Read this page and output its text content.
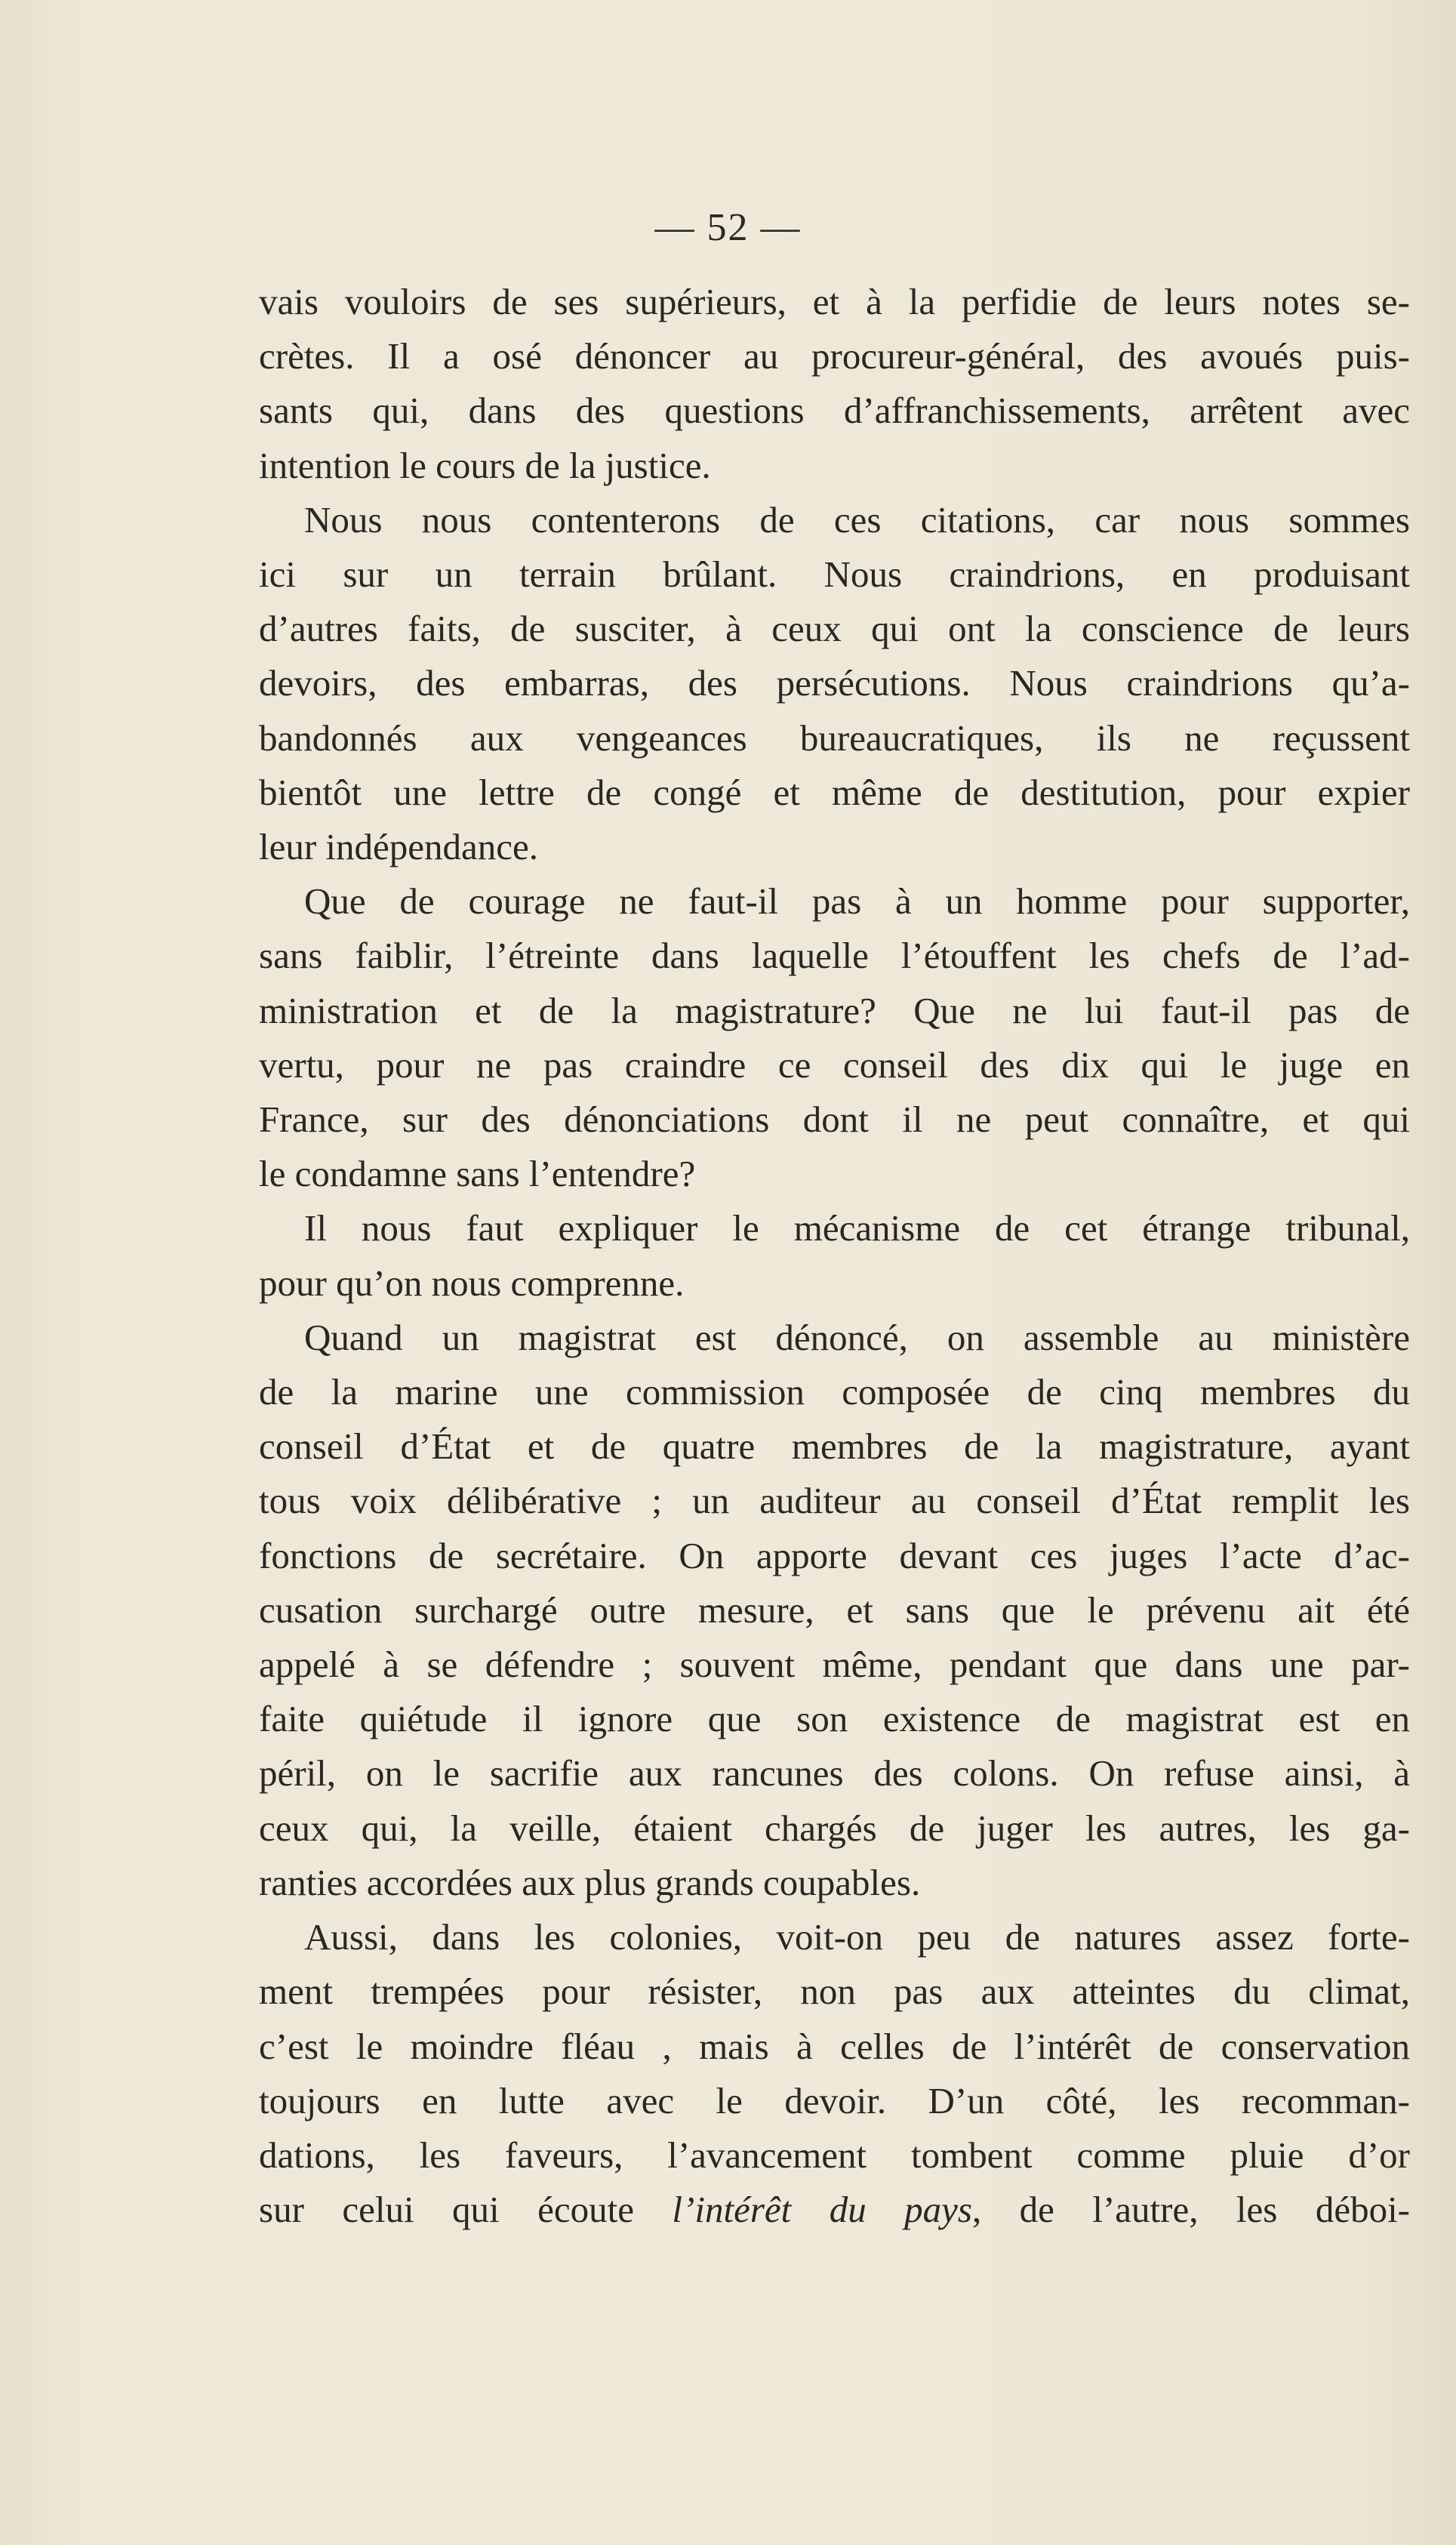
— 52 —

vais vouloirs de ses supérieurs, et à la perfidie de leurs notes se-
crètes. Il a osé dénoncer au procureur-général, des avoués puis-
sants qui, dans des questions d’affranchissements, arrêtent avec
intention le cours de la justice.

Nous nous contenterons de ces citations, car nous sommes
ici sur un terrain brûlant. Nous craindrions, en produisant
d’autres faits, de susciter, à ceux qui ont la conscience de leurs
devoirs, des embarras, des persécutions. Nous craindrions qu’a-
bandonnés aux vengeances bureaucratiques, ils ne reçussent
bientôt une lettre de congé et même de destitution, pour expier
leur indépendance.

Que de courage ne faut-il pas à un homme pour supporter,
sans faiblir, l’étreinte dans laquelle l’étouffent les chefs de l’ad-
ministration et de la magistrature? Que ne lui faut-il pas de
vertu, pour ne pas craindre ce conseil des dix qui le juge en
France, sur des dénonciations dont il ne peut connaître, et qui
le condamne sans l’entendre?

Il nous faut expliquer le mécanisme de cet étrange tribunal,
pour qu’on nous comprenne.

Quand un magistrat est dénoncé, on assemble au ministère
de la marine une commission composée de cinq membres du
conseil d’État et de quatre membres de la magistrature, ayant
tous voix délibérative ; un auditeur au conseil d’État remplit les
fonctions de secrétaire. On apporte devant ces juges l’acte d’ac-
cusation surchargé outre mesure, et sans que le prévenu ait été
appelé à se défendre ; souvent même, pendant que dans une par-
faite quiétude il ignore que son existence de magistrat est en
péril, on le sacrifie aux rancunes des colons. On refuse ainsi, à
ceux qui, la veille, étaient chargés de juger les autres, les ga-
ranties accordées aux plus grands coupables.

Aussi, dans les colonies, voit-on peu de natures assez forte-
ment trempées pour résister, non pas aux atteintes du climat,
c’est le moindre fléau , mais à celles de l’intérêt de conservation
toujours en lutte avec le devoir. D’un côté, les recomman-
dations, les faveurs, l’avancement tombent comme pluie d’or
sur celui qui écoute l’intérêt du pays, de l’autre, les déboi-
